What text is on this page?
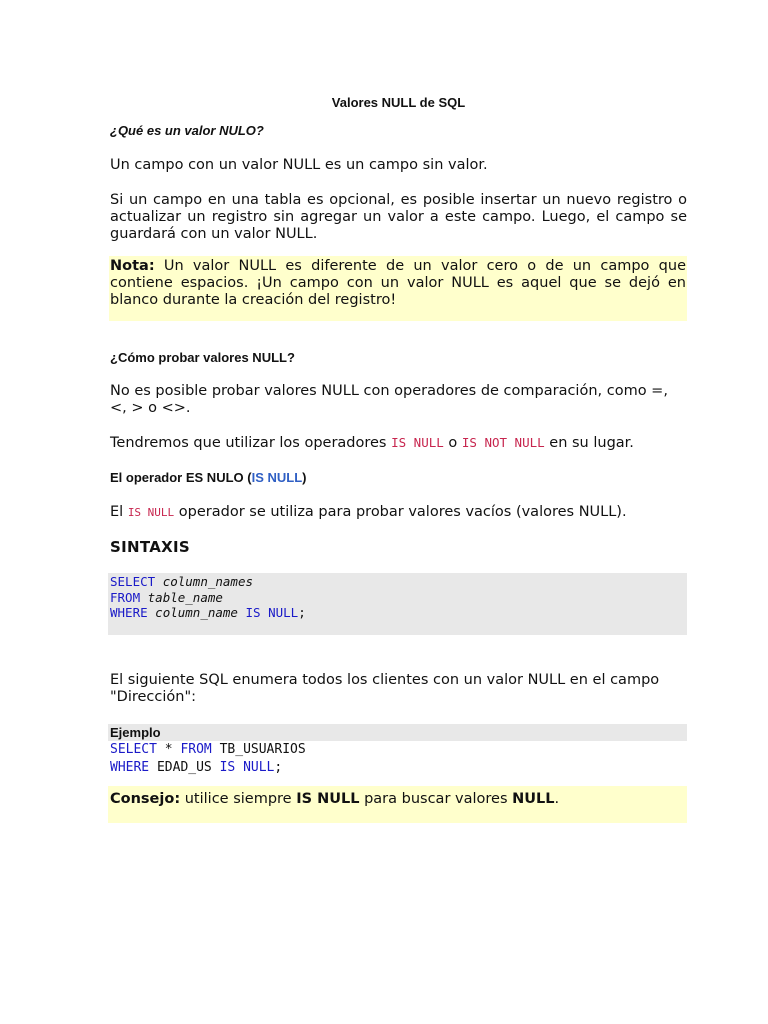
Valores NULL de SQL
¿Qué es un valor NULO?
Un campo con un valor NULL es un campo sin valor.
Si un campo en una tabla es opcional, es posible insertar un nuevo registro o actualizar un registro sin agregar un valor a este campo. Luego, el campo se guardará con un valor NULL.
Nota: Un valor NULL es diferente de un valor cero o de un campo que contiene espacios. ¡Un campo con un valor NULL es aquel que se dejó en blanco durante la creación del registro!
¿Cómo probar valores NULL?
No es posible probar valores NULL con operadores de comparación, como =, <, > o <>.
Tendremos que utilizar los operadores IS NULL o IS NOT NULL en su lugar.
El operador ES NULO (IS NULL)
El IS NULL operador se utiliza para probar valores vacíos (valores NULL).
SINTAXIS
SELECT column_names
FROM table_name
WHERE column_name IS NULL;
El siguiente SQL enumera todos los clientes con un valor NULL en el campo "Dirección":
Ejemplo
SELECT * FROM TB_USUARIOS
WHERE EDAD_US IS NULL;
Consejo: utilice siempre IS NULL para buscar valores NULL.
